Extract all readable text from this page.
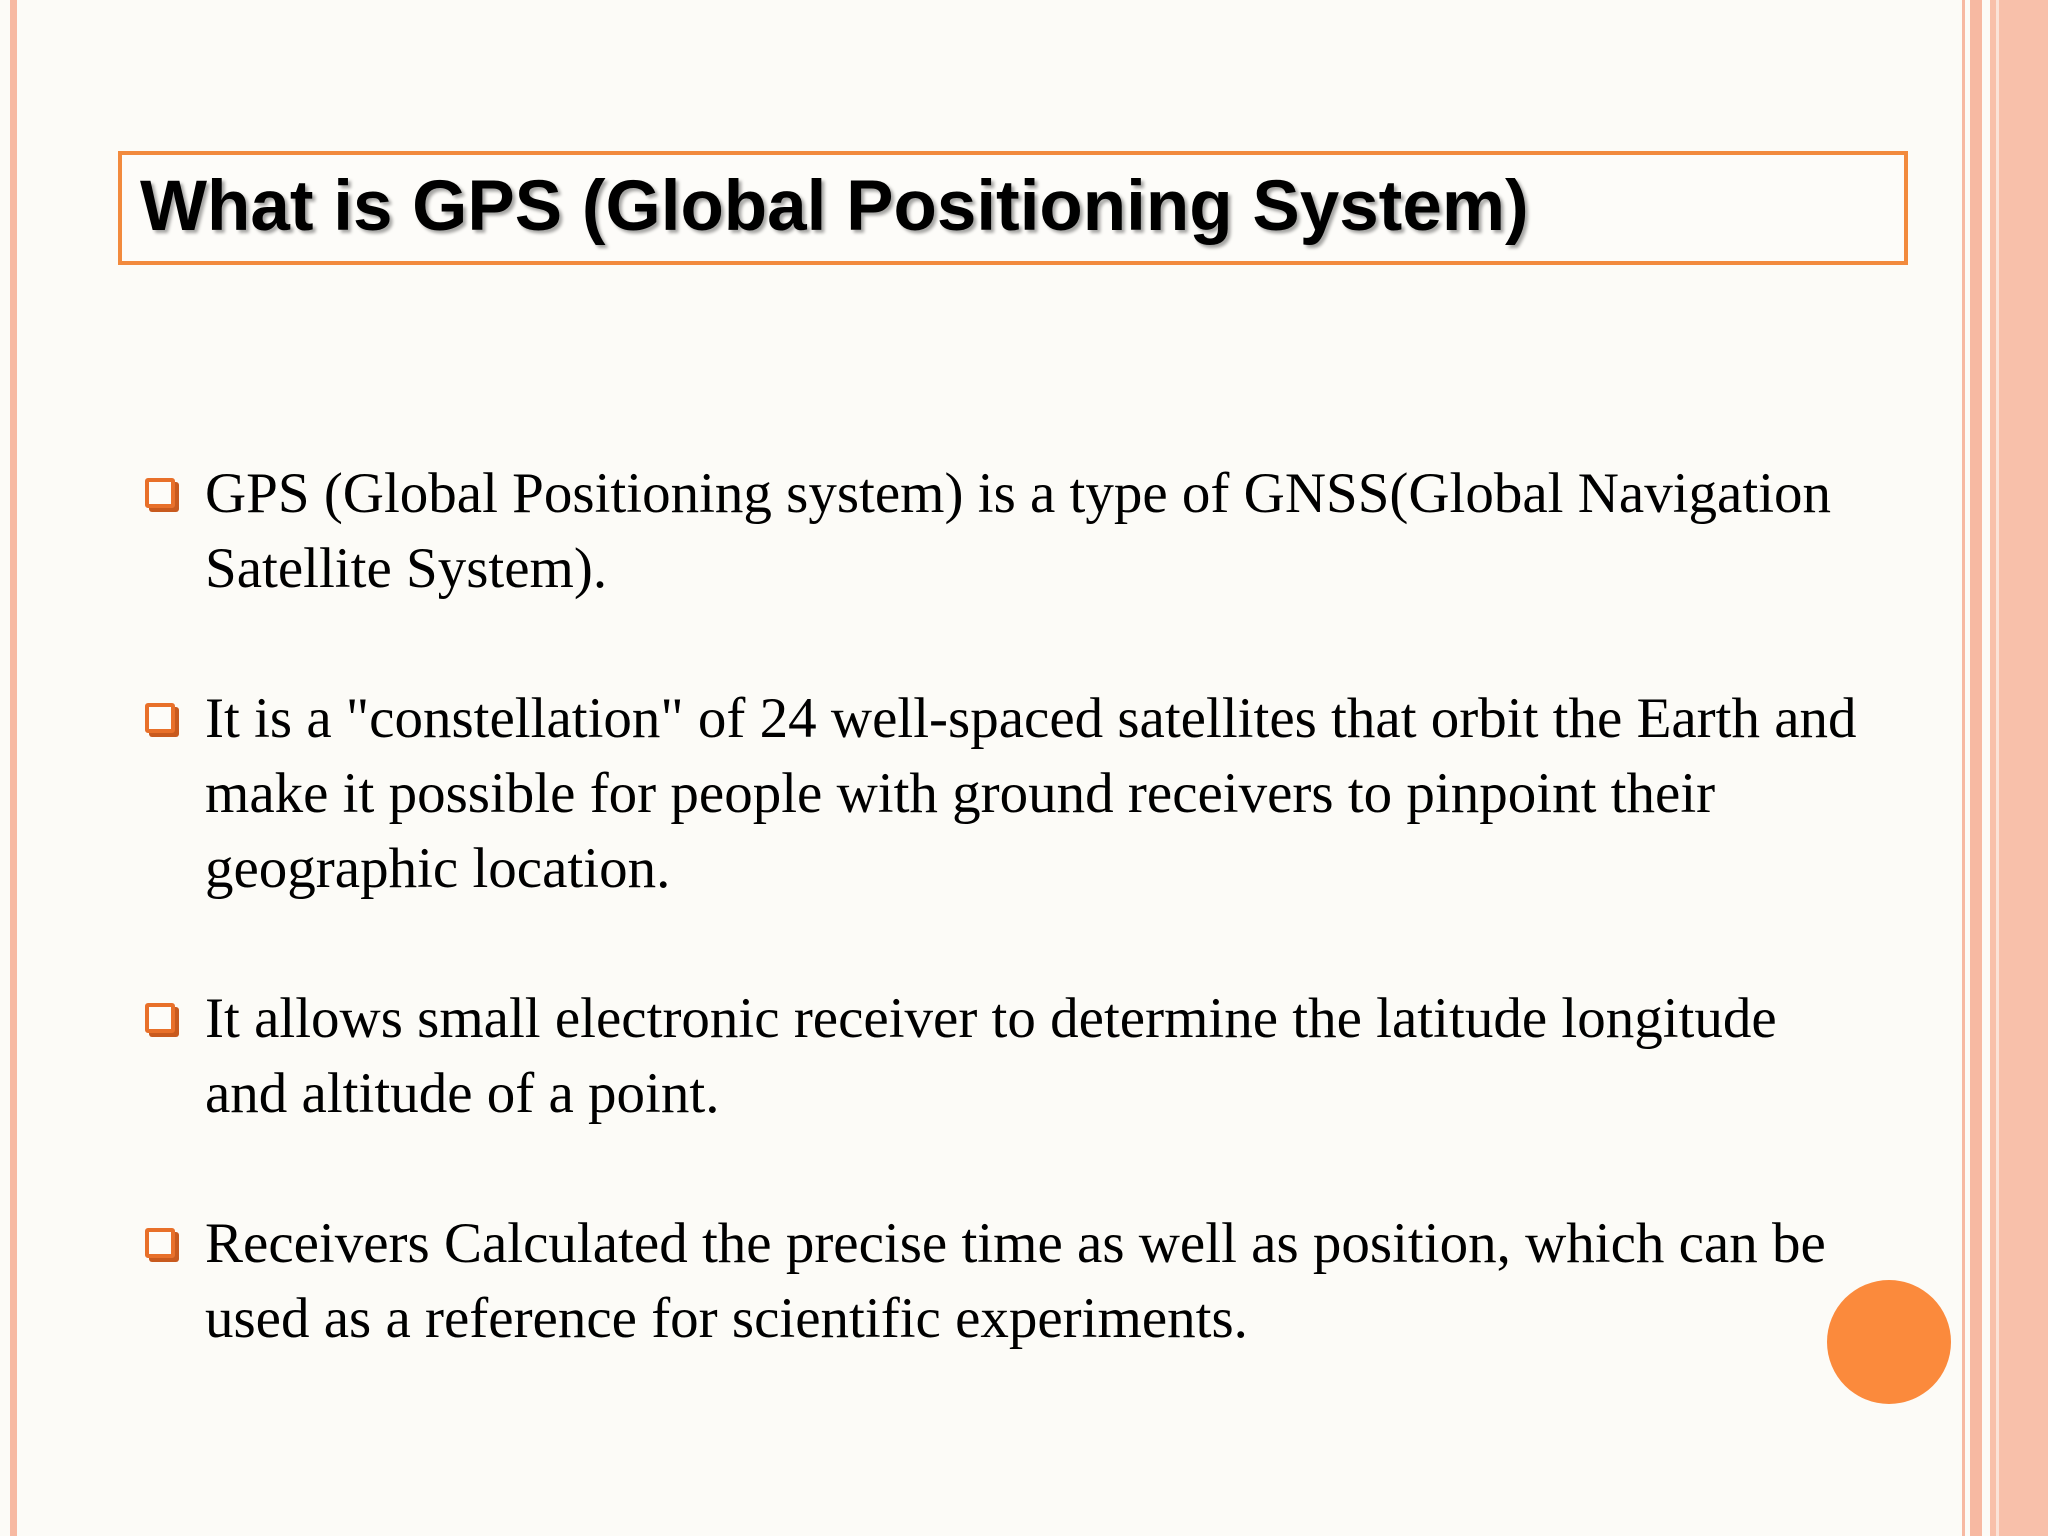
What is GPS (Global Positioning System)
GPS (Global Positioning system) is a type of GNSS(Global Navigation Satellite System).
It is a "constellation" of 24 well-spaced satellites that orbit the Earth and make it possible for people with ground receivers to pinpoint their geographic location.
It allows small electronic receiver to determine the latitude longitude and altitude of a point.
Receivers Calculated the precise time as well as position, which can be used as a reference for scientific experiments.
